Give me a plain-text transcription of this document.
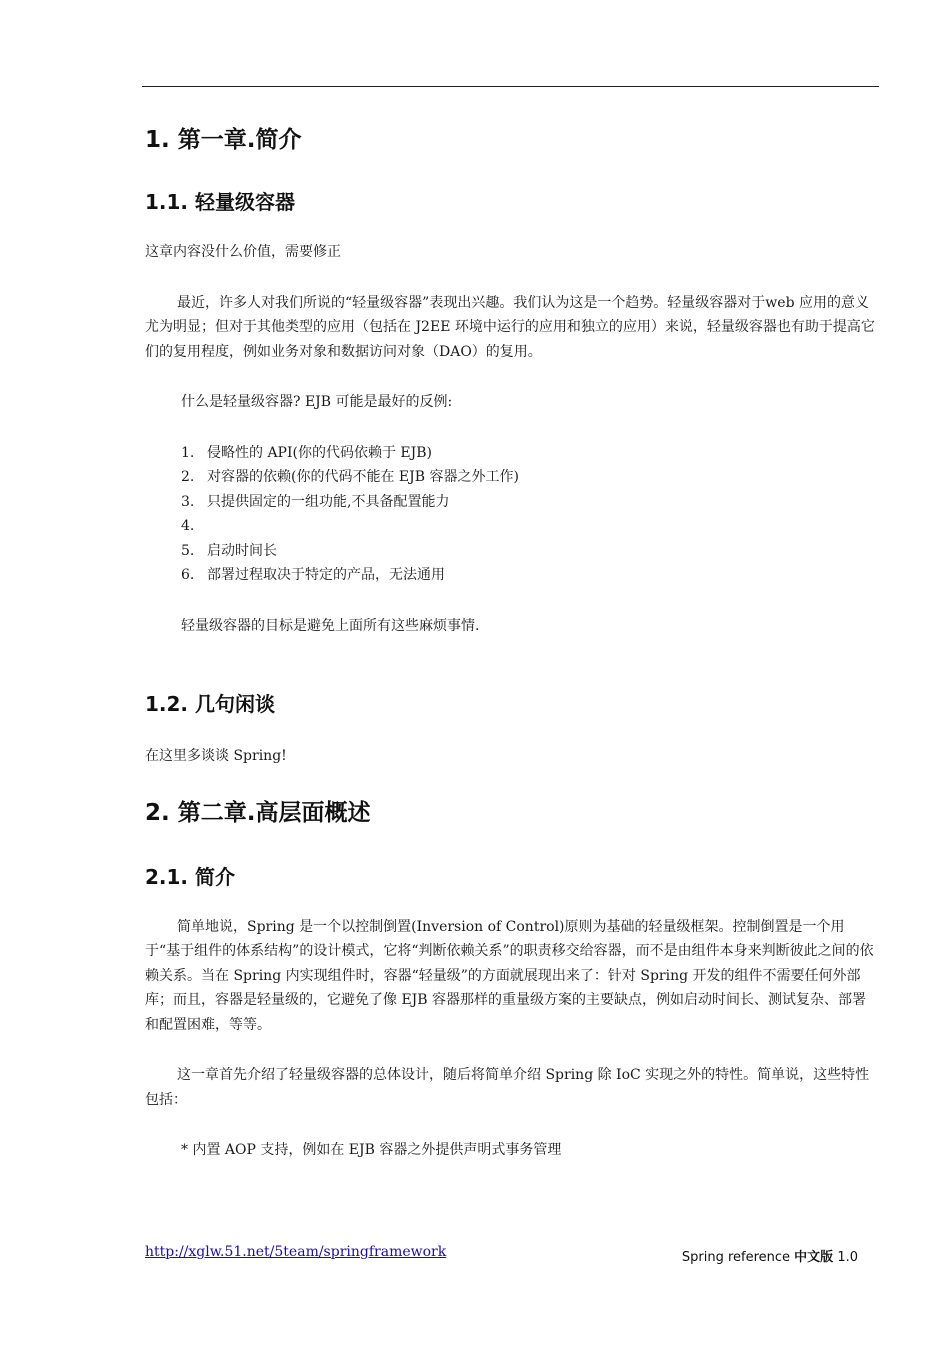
1. 第一章.简介
1.1. 轻量级容器

这章内容没什么价值，需要修正

最近，许多人对我们所说的“轻量级容器”表现出兴趣。我们认为这是一个趋势。轻量级容器对于web 应用的意义尤为明显；但对于其他类型的应用（包括在 J2EE 环境中运行的应用和独立的应用）来说，轻量级容器也有助于提高它们的复用程度，例如业务对象和数据访问对象（DAO）的复用。

什么是轻量级容器? EJB 可能是最好的反例:

1. 侵略性的 API(你的代码依赖于 EJB)
2. 对容器的依赖(你的代码不能在 EJB 容器之外工作)
3. 只提供固定的一组功能,不具备配置能力
4.
5. 启动时间长
6. 部署过程取决于特定的产品，无法通用

轻量级容器的目标是避免上面所有这些麻烦事情.

1.2. 几句闲谈

在这里多谈谈 Spring!

2. 第二章.高层面概述
2.1. 简介

简单地说，Spring 是一个以控制倒置(Inversion of Control)原则为基础的轻量级框架。控制倒置是一个用于“基于组件的体系结构”的设计模式，它将“判断依赖关系”的职责移交给容器，而不是由组件本身来判断彼此之间的依赖关系。当在 Spring 内实现组件时，容器“轻量级”的方面就展现出来了：针对 Spring 开发的组件不需要任何外部库；而且，容器是轻量级的，它避免了像 EJB 容器那样的重量级方案的主要缺点，例如启动时间长、测试复杂、部署和配置困难，等等。

这一章首先介绍了轻量级容器的总体设计，随后将简单介绍 Spring 除 IoC 实现之外的特性。简单说，这些特性包括：

* 内置 AOP 支持，例如在 EJB 容器之外提供声明式事务管理

http://xglw.51.net/5team/springframework	Spring reference 中文版 1.0
